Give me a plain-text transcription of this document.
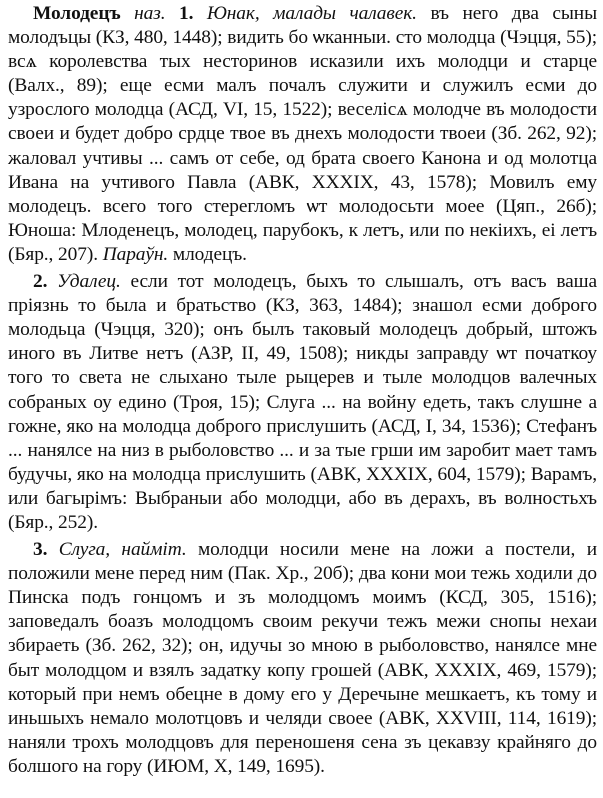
Молодецъ наз. 1. Юнак, малады чалавек. въ него два сыны молодъцы (КЗ, 480, 1448); видить бо ѡканныи. сто молодца (Чэцця, 55); всѧ королевства тыx несторинов исказили ихъ молодци и старце (Валх., 89); еще есми малъ почалъ служити и служилъ есми до узрослого молодца (АСД, VI, 15, 1522); веселісѧ молодче въ молодости своеи и будет добро срдце твое въ днехъ молодости твоеи (Зб. 262, 92); жаловал учтивы ... самъ от себе, од брата своего Канона и од молотца Ивана на учтивого Павла (АВК, XXXIX, 43, 1578); Мовилъ ему молодецъ. всего того стерегломъ ѡт молодосьти моее (Цяп., 26б); Юноша: Млоденецъ, молодец, парубокъ, к летъ, или по некіихъ, еі летъ (Бяр., 207). Параўн. млодецъ.

2. Удалец. если тот молодецъ, быхъ то слышалъ, отъ васъ ваша прiязнь то была и братьство (КЗ, 363, 1484); знашол есми доброго молодьца (Чэцця, 320); онъ былъ таковый молодецъ добрый, штожъ иного въ Литве нетъ (АЗР, II, 49, 1508); никды заправду ѡт початкоу того то света не слыхано тыле рыцерев и тыле молодцов валечных собраных оу едино (Троя, 15); Слуга ... на войну едеть, такъ слушне а гожне, яко на молодца доброго прислушить (АСД, I, 34, 1536); Стефанъ ... нанялсе на низ в рыболовство ... и за тые грши им заробит мает тамъ будучы, яко на молодца прислушить (АВК, XXXIX, 604, 1579); Варамъ, или багырімъ: Выбраныи або молодци, або въ дерахъ, въ волностьхъ (Бяр., 252).

3. Слуга, наймiт. молодци носили мене на ложи а постели, и положили мене перед ним (Пак. Хр., 20б); два кони мои тежь ходили до Пинска подъ гонцомъ и зъ молодцомъ моимъ (КСД, 305, 1516); заповедалъ боазъ молодцомъ своим рекучи тежъ межи снопы нехаи збираеть (Зб. 262, 32); он, идучы зо мною в рыболовство, нанялсе мне быт молодцом и взялъ задатку копу грошей (АВК, XXXIX, 469, 1579); который при немъ обецне в дому его у Деречыне мешкаетъ, къ тому и иньшыхъ немало молотцовъ и челяди своее (АВК, XXVIII, 114, 1619); наняли трохъ молодцовъ для переношеня сена зъ цекавзу крайняго до болшого на гору (ИЮМ, X, 149, 1695).
